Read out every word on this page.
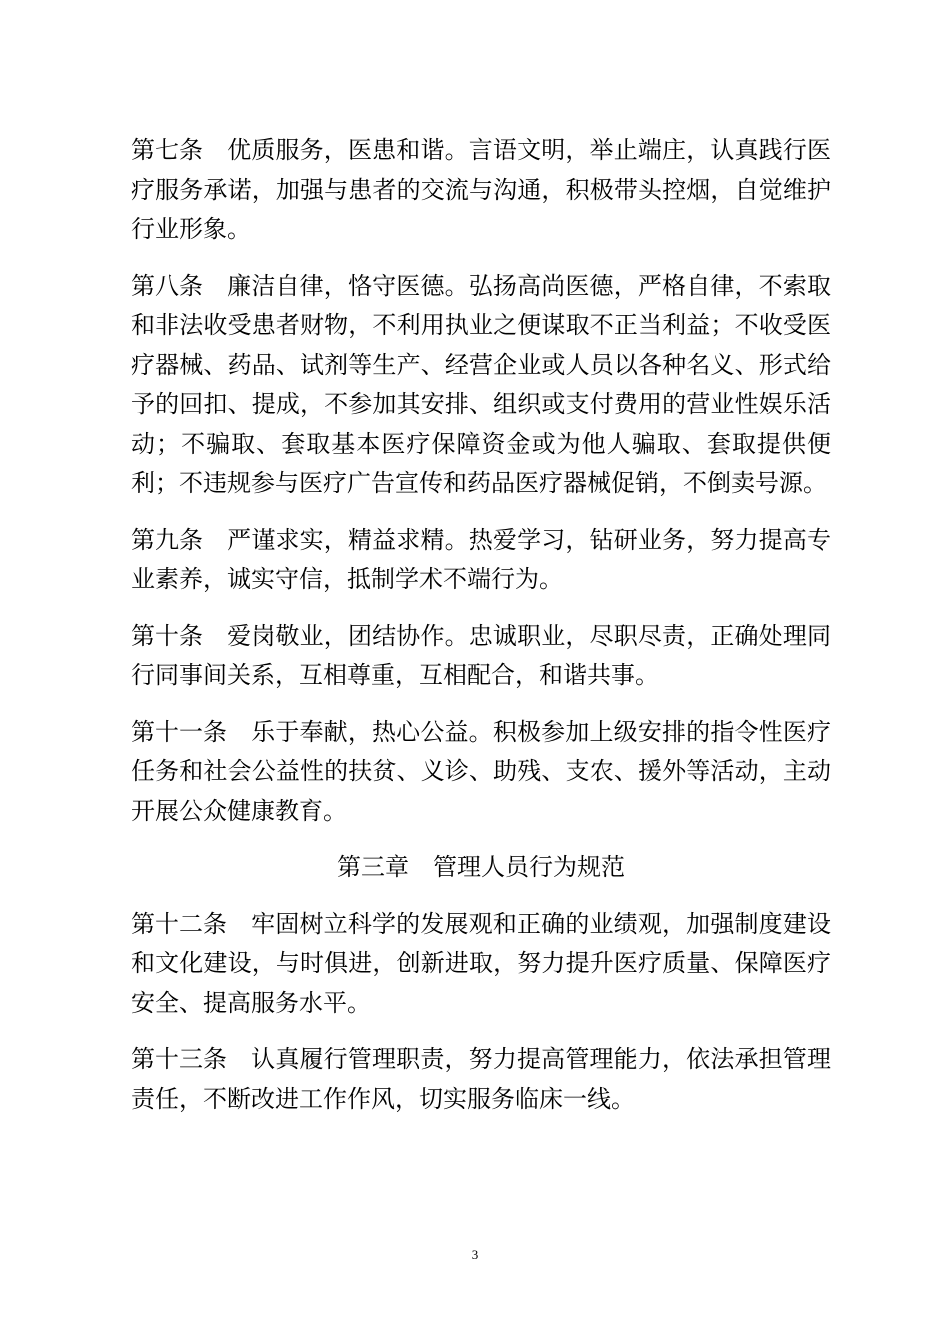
第七条 优质服务，医患和谐。言语文明，举止端庄，认真践行医疗服务承诺，加强与患者的交流与沟通，积极带头控烟，自觉维护行业形象。

第八条 廉洁自律，恪守医德。弘扬高尚医德，严格自律，不索取和非法收受患者财物，不利用执业之便谋取不正当利益；不收受医疗器械、药品、试剂等生产、经营企业或人员以各种名义、形式给予的回扣、提成，不参加其安排、组织或支付费用的营业性娱乐活动；不骗取、套取基本医疗保障资金或为他人骗取、套取提供便利；不违规参与医疗广告宣传和药品医疗器械促销，不倒卖号源。

第九条 严谨求实，精益求精。热爱学习，钻研业务，努力提高专业素养，诚实守信，抵制学术不端行为。

第十条 爱岗敬业，团结协作。忠诚职业，尽职尽责，正确处理同行同事间关系，互相尊重，互相配合，和谐共事。

第十一条 乐于奉献，热心公益。积极参加上级安排的指令性医疗任务和社会公益性的扶贫、义诊、助残、支农、援外等活动，主动开展公众健康教育。

第三章 管理人员行为规范

第十二条 牢固树立科学的发展观和正确的业绩观，加强制度建设和文化建设，与时俱进，创新进取，努力提升医疗质量、保障医疗安全、提高服务水平。

第十三条 认真履行管理职责，努力提高管理能力，依法承担管理责任，不断改进工作作风，切实服务临床一线。

3
